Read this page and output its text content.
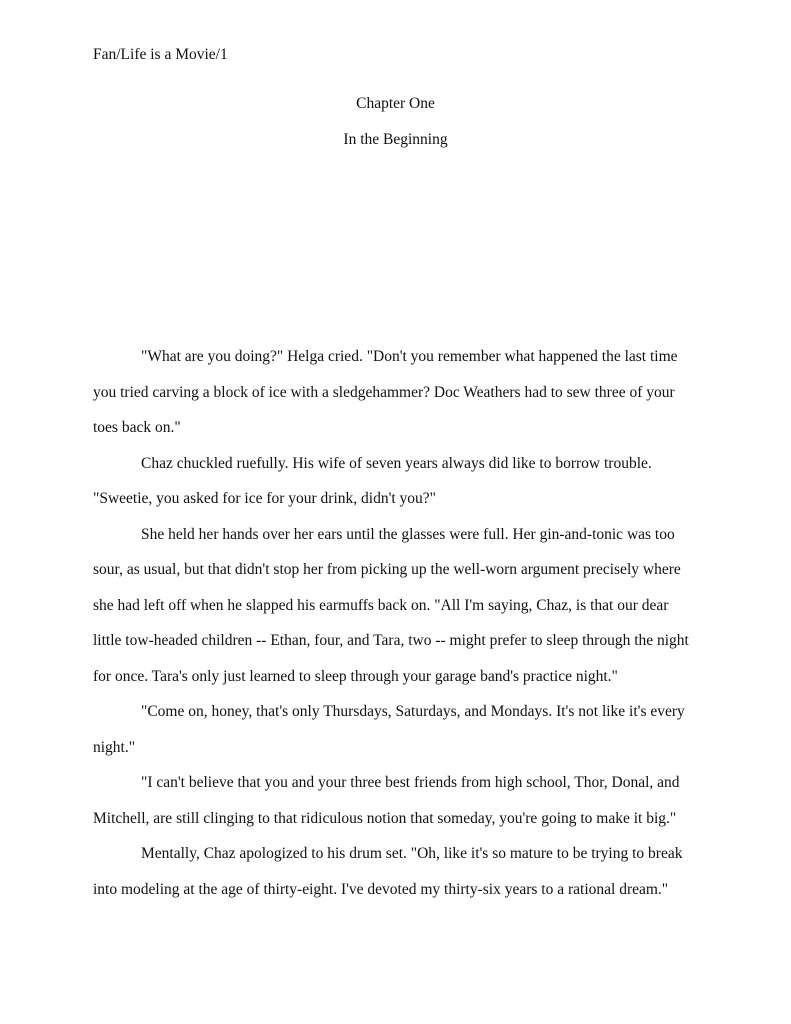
Fan/Life is a Movie/1
Chapter One
In the Beginning

"What are you doing?" Helga cried. "Don't you remember what happened the last time you tried carving a block of ice with a sledgehammer? Doc Weathers had to sew three of your toes back on."

Chaz chuckled ruefully. His wife of seven years always did like to borrow trouble. "Sweetie, you asked for ice for your drink, didn't you?"

She held her hands over her ears until the glasses were full. Her gin-and-tonic was too sour, as usual, but that didn't stop her from picking up the well-worn argument precisely where she had left off when he slapped his earmuffs back on. "All I'm saying, Chaz, is that our dear little tow-headed children -- Ethan, four, and Tara, two -- might prefer to sleep through the night for once. Tara's only just learned to sleep through your garage band's practice night."

"Come on, honey, that's only Thursdays, Saturdays, and Mondays. It's not like it's every night."

"I can't believe that you and your three best friends from high school, Thor, Donal, and Mitchell, are still clinging to that ridiculous notion that someday, you're going to make it big."

Mentally, Chaz apologized to his drum set. "Oh, like it's so mature to be trying to break into modeling at the age of thirty-eight. I've devoted my thirty-six years to a rational dream."
